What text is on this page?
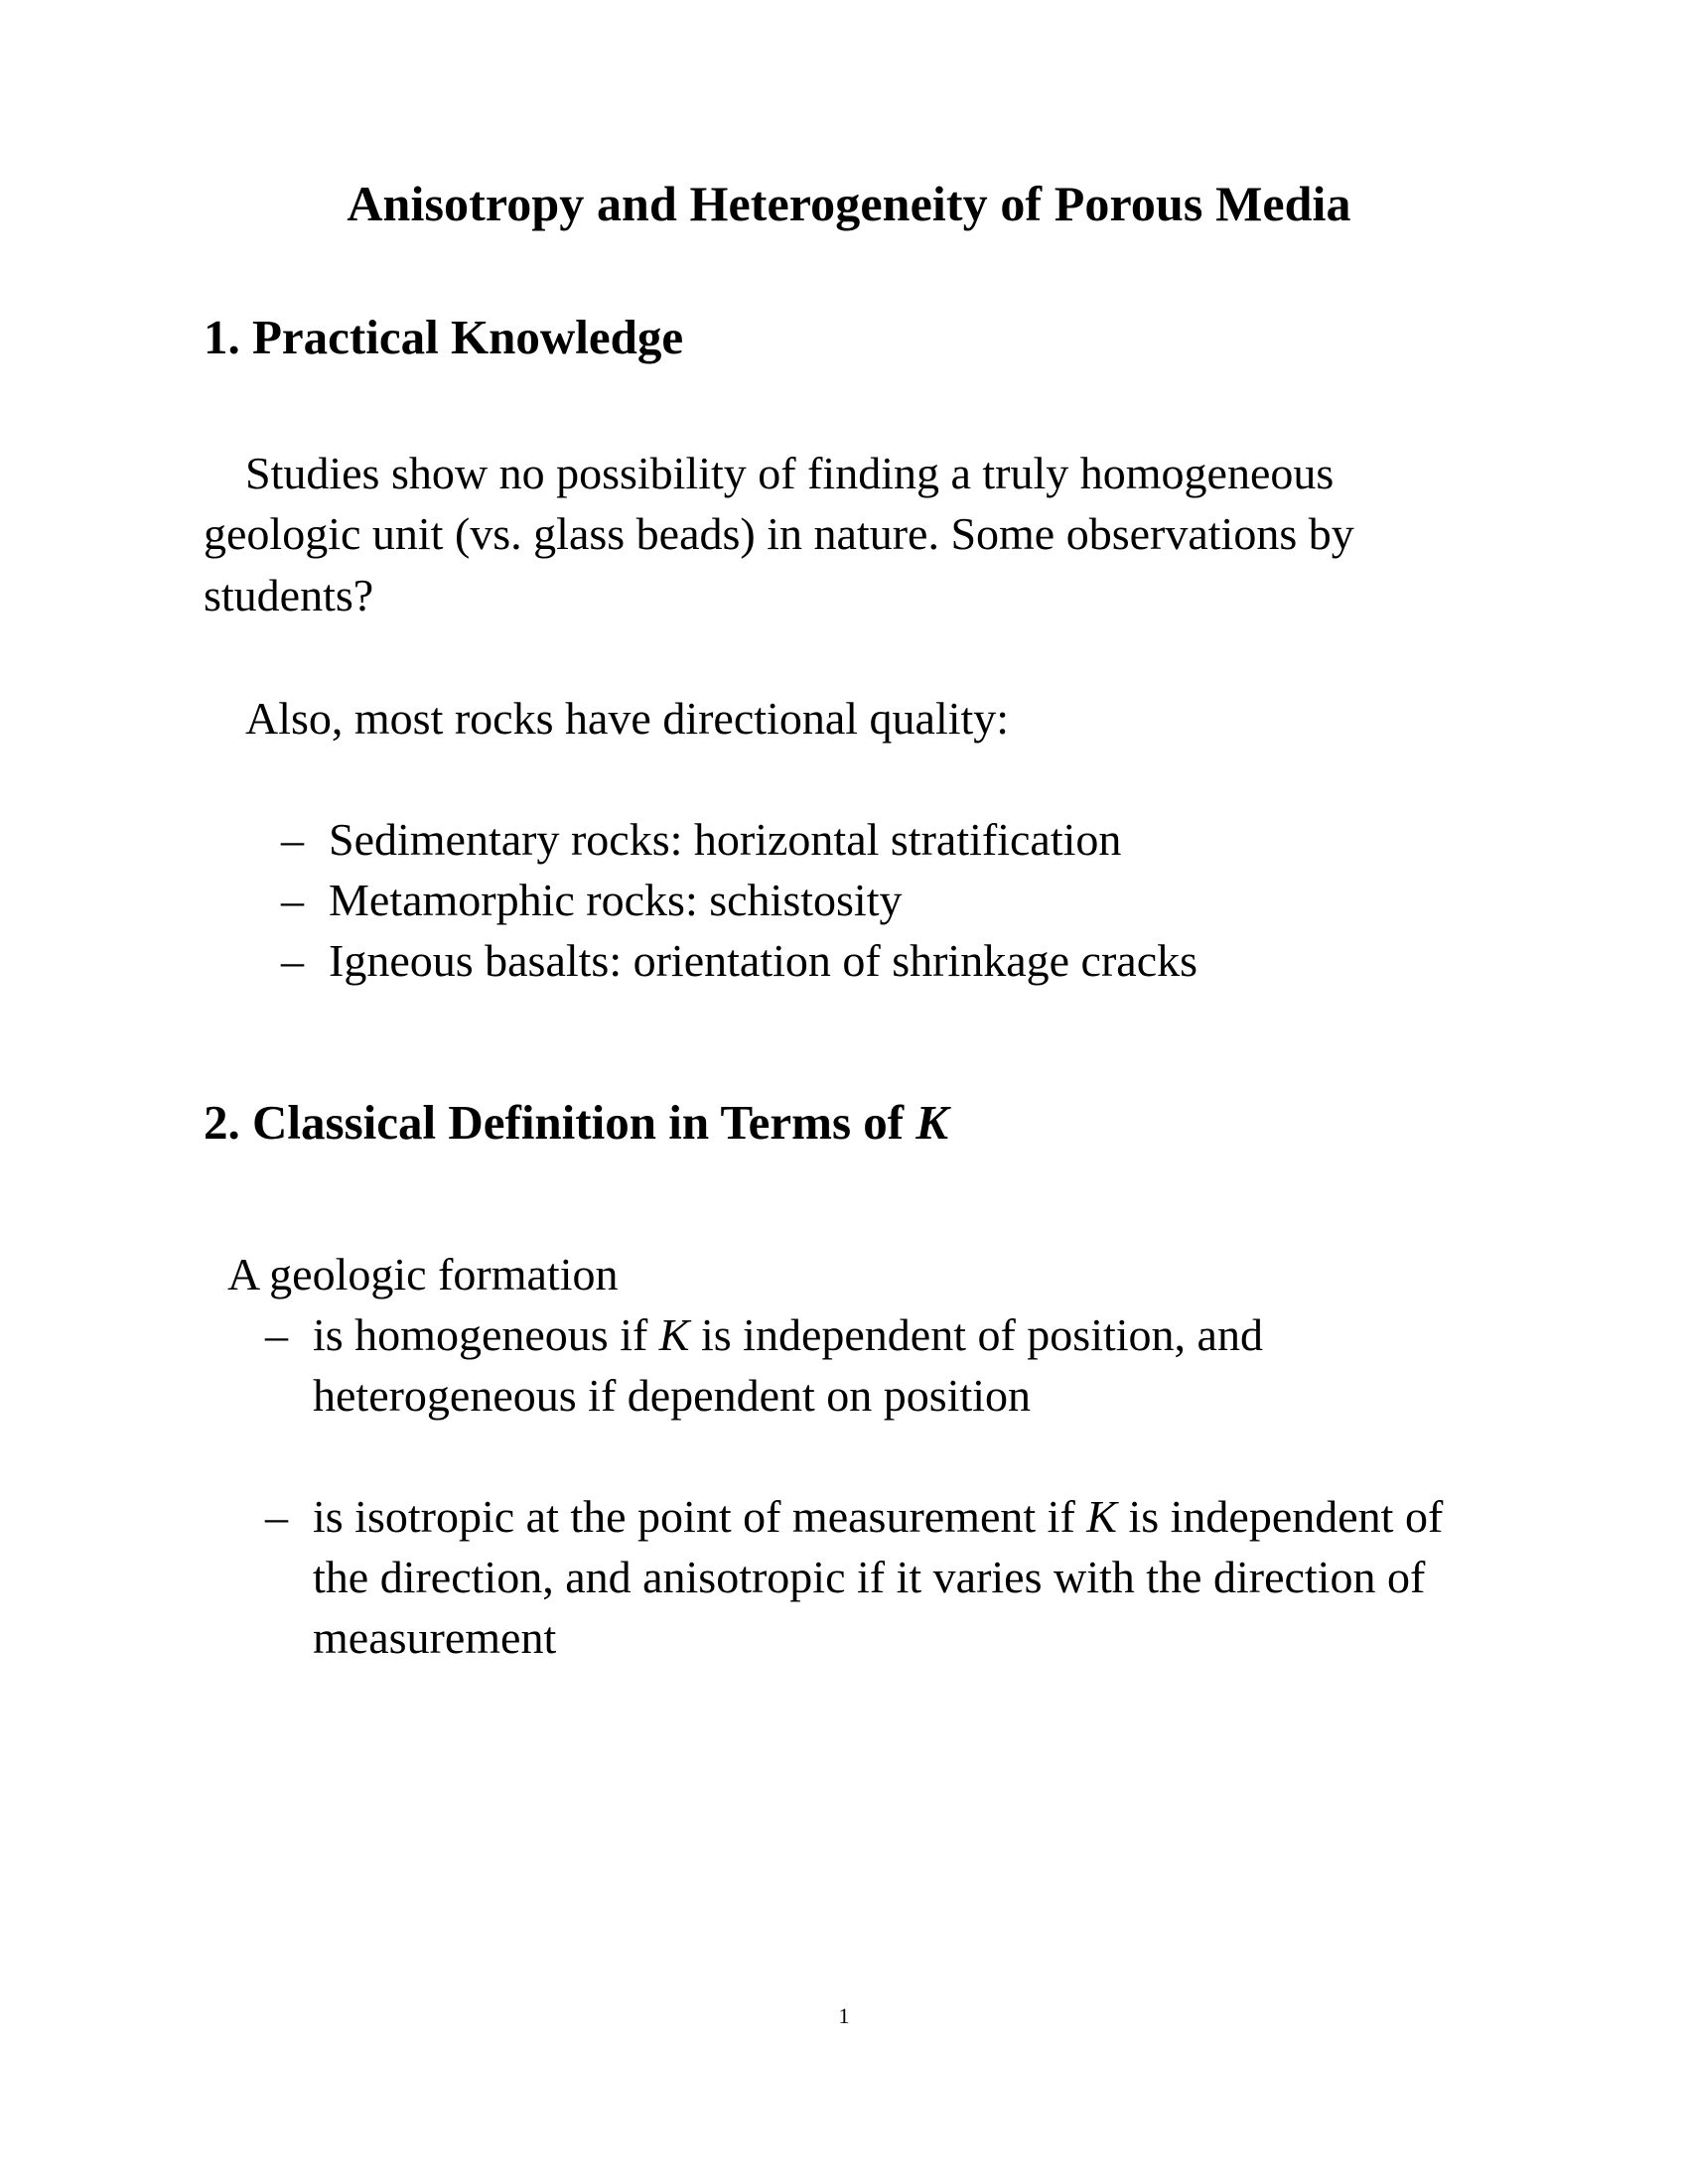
Anisotropy and Heterogeneity of Porous Media
1. Practical Knowledge

Studies show no possibility of finding a truly homogeneous geologic unit (vs. glass beads) in nature. Some observations by students?

Also, most rocks have directional quality:

– Sedimentary rocks: horizontal stratification
– Metamorphic rocks: schistosity
– Igneous basalts: orientation of shrinkage cracks
2. Classical Definition in Terms of K

A geologic formation

– is homogeneous if K is independent of position, and heterogeneous if dependent on position
– is isotropic at the point of measurement if K is independent of the direction, and anisotropic if it varies with the direction of measurement
1
